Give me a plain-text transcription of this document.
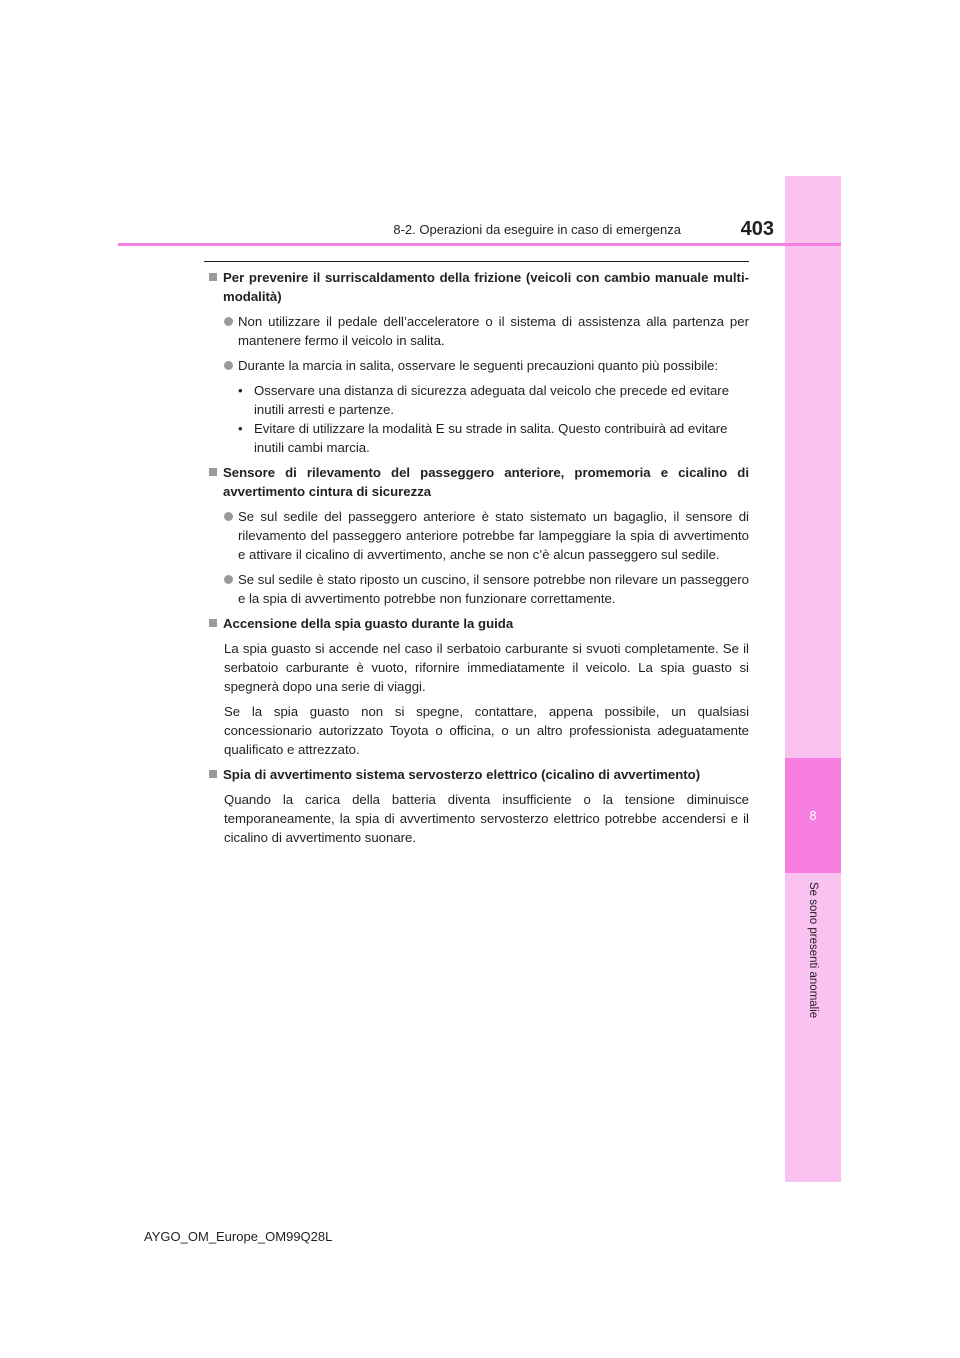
8
Se sono presenti anomalie
8-2. Operazioni da eseguire in caso di emergenza	403
Per prevenire il surriscaldamento della frizione (veicoli con cambio manuale multi-modalità)
Non utilizzare il pedale dell’acceleratore o il sistema di assistenza alla partenza per mantenere fermo il veicolo in salita.
Durante la marcia in salita, osservare le seguenti precauzioni quanto più possibile:
• Osservare una distanza di sicurezza adeguata dal veicolo che precede ed evitare inutili arresti e partenze.
• Evitare di utilizzare la modalità E su strade in salita. Questo contribuirà ad evitare inutili cambi marcia.
Sensore di rilevamento del passeggero anteriore, promemoria e cicalino di avvertimento cintura di sicurezza
Se sul sedile del passeggero anteriore è stato sistemato un bagaglio, il sensore di rilevamento del passeggero anteriore potrebbe far lampeggiare la spia di avvertimento e attivare il cicalino di avvertimento, anche se non c’è alcun passeggero sul sedile.
Se sul sedile è stato riposto un cuscino, il sensore potrebbe non rilevare un passeggero e la spia di avvertimento potrebbe non funzionare correttamente.
Accensione della spia guasto durante la guida
La spia guasto si accende nel caso il serbatoio carburante si svuoti completamente. Se il serbatoio carburante è vuoto, rifornire immediatamente il veicolo. La spia guasto si spegnerà dopo una serie di viaggi.
Se la spia guasto non si spegne, contattare, appena possibile, un qualsiasi concessionario autorizzato Toyota o officina, o un altro professionista adeguatamente qualificato e attrezzato.
Spia di avvertimento sistema servosterzo elettrico (cicalino di avvertimento)
Quando la carica della batteria diventa insufficiente o la tensione diminuisce temporaneamente, la spia di avvertimento servosterzo elettrico potrebbe accendersi e il cicalino di avvertimento suonare.
AYGO_OM_Europe_OM99Q28L
